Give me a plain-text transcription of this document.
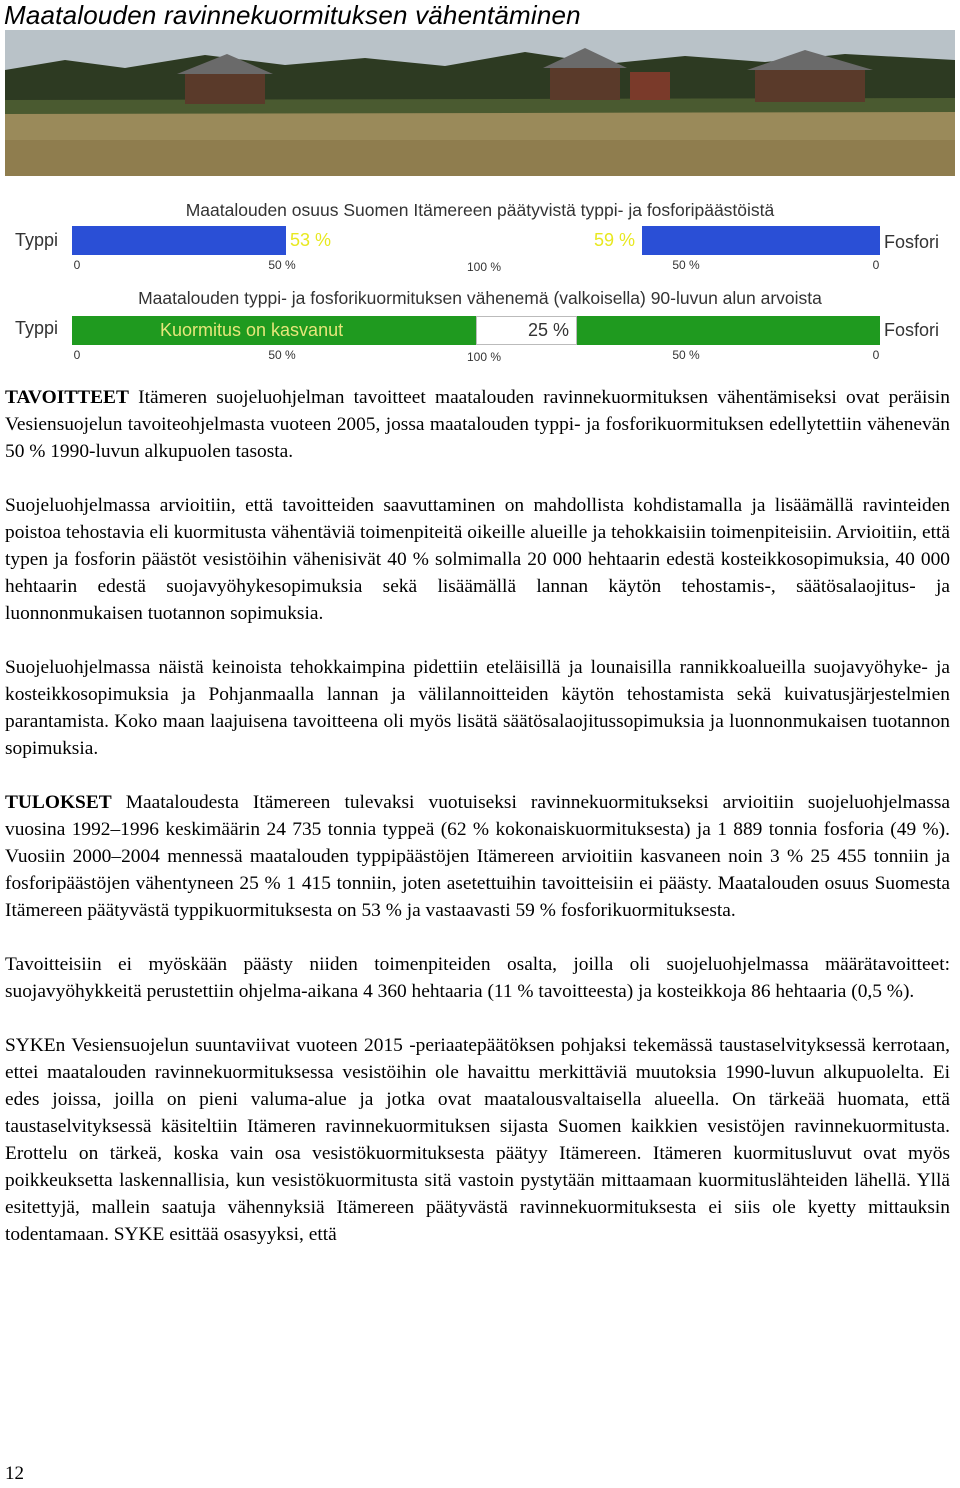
Maatalouden ravinnekuormituksen vähentäminen
Maatalouden osuus Suomen Itämereen päätyvistä typpi- ja fosforipäästöistä
Typpi	Fosfori
53 %	59 %
0	50 %	100 %	50 %	0
Maatalouden typpi- ja fosforikuormituksen vähenemä (valkoisella) 90-luvun alun arvoista
Typpi	Fosfori
Kuormitus on kasvanut	25 %
0	50 %	100 %	50 %	0

TAVOITTEET Itämeren suojeluohjelman tavoitteet maatalouden ravinnekuormituksen vähentämiseksi ovat peräisin Vesiensuojelun tavoiteohjelmasta vuoteen 2005, jossa maatalouden typpi- ja fosforikuormituksen edellytettiin vähenevän 50 % 1990-luvun alkupuolen tasosta.

Suojeluohjelmassa arvioitiin, että tavoitteiden saavuttaminen on mahdollista kohdistamalla ja lisäämällä ravinteiden poistoa tehostavia eli kuormitusta vähentäviä toimenpiteitä oikeille alueille ja tehokkaisiin toimenpiteisiin. Arvioitiin, että typen ja fosforin päästöt vesistöihin vähenisivät 40 % solmimalla 20 000 hehtaarin edestä kosteikkosopimuksia, 40 000 hehtaarin edestä suojavyöhykesopimuksia sekä lisäämällä lannan käytön tehostamis-, säätösalaojitus- ja luonnonmukaisen tuotannon sopimuksia.

Suojeluohjelmassa näistä keinoista tehokkaimpina pidettiin eteläisillä ja lounaisilla rannikkoalueilla suojavyöhyke- ja kosteikkosopimuksia ja Pohjanmaalla lannan ja välilannoitteiden käytön tehostamista sekä kuivatusjärjestelmien parantamista. Koko maan laajuisena tavoitteena oli myös lisätä säätösalaojitussopimuksia ja luonnonmukaisen tuotannon sopimuksia.

TULOKSET Maataloudesta Itämereen tulevaksi vuotuiseksi ravinnekuormitukseksi arvioitiin suojeluohjelmassa vuosina 1992–1996 keskimäärin 24 735 tonnia typpeä (62 % kokonaiskuormituksesta) ja 1 889 tonnia fosforia (49 %). Vuosiin 2000–2004 mennessä maatalouden typpipäästöjen Itämereen arvioitiin kasvaneen noin 3 % 25 455 tonniin ja fosforipäästöjen vähentyneen 25 % 1 415 tonniin, joten asetettuihin tavoitteisiin ei päästy. Maatalouden osuus Suomesta Itämereen päätyvästä typpikuormituksesta on 53 % ja vastaavasti 59 % fosforikuormituksesta.

Tavoitteisiin ei myöskään päästy niiden toimenpiteiden osalta, joilla oli suojeluohjelmassa määrätavoitteet: suojavyöhykkeitä perustettiin ohjelma-aikana 4 360 hehtaaria (11 % tavoitteesta) ja kosteikkoja 86 hehtaaria (0,5 %).

SYKEn Vesiensuojelun suuntaviivat vuoteen 2015 -periaatepäätöksen pohjaksi tekemässä taustaselvityksessä kerrotaan, ettei maatalouden ravinnekuormituksessa vesistöihin ole havaittu merkittäviä muutoksia 1990-luvun alkupuolelta. Ei edes joissa, joilla on pieni valuma-alue ja jotka ovat maatalousvaltaisella alueella. On tärkeää huomata, että taustaselvityksessä käsiteltiin Itämeren ravinnekuormituksen sijasta Suomen kaikkien vesistöjen ravinnekuormitusta. Erottelu on tärkeä, koska vain osa vesistökuormituksesta päätyy Itämereen. Itämeren kuormitusluvut ovat myös poikkeuksetta laskennallisia, kun vesistökuormitusta sitä vastoin pystytään mittaamaan kuormituslähteiden lähellä. Yllä esitettyjä, mallein saatuja vähennyksiä Itämereen päätyvästä ravinnekuormituksesta ei siis ole kyetty mittauksin todentamaan. SYKE esittää osasyyksi, että

12
